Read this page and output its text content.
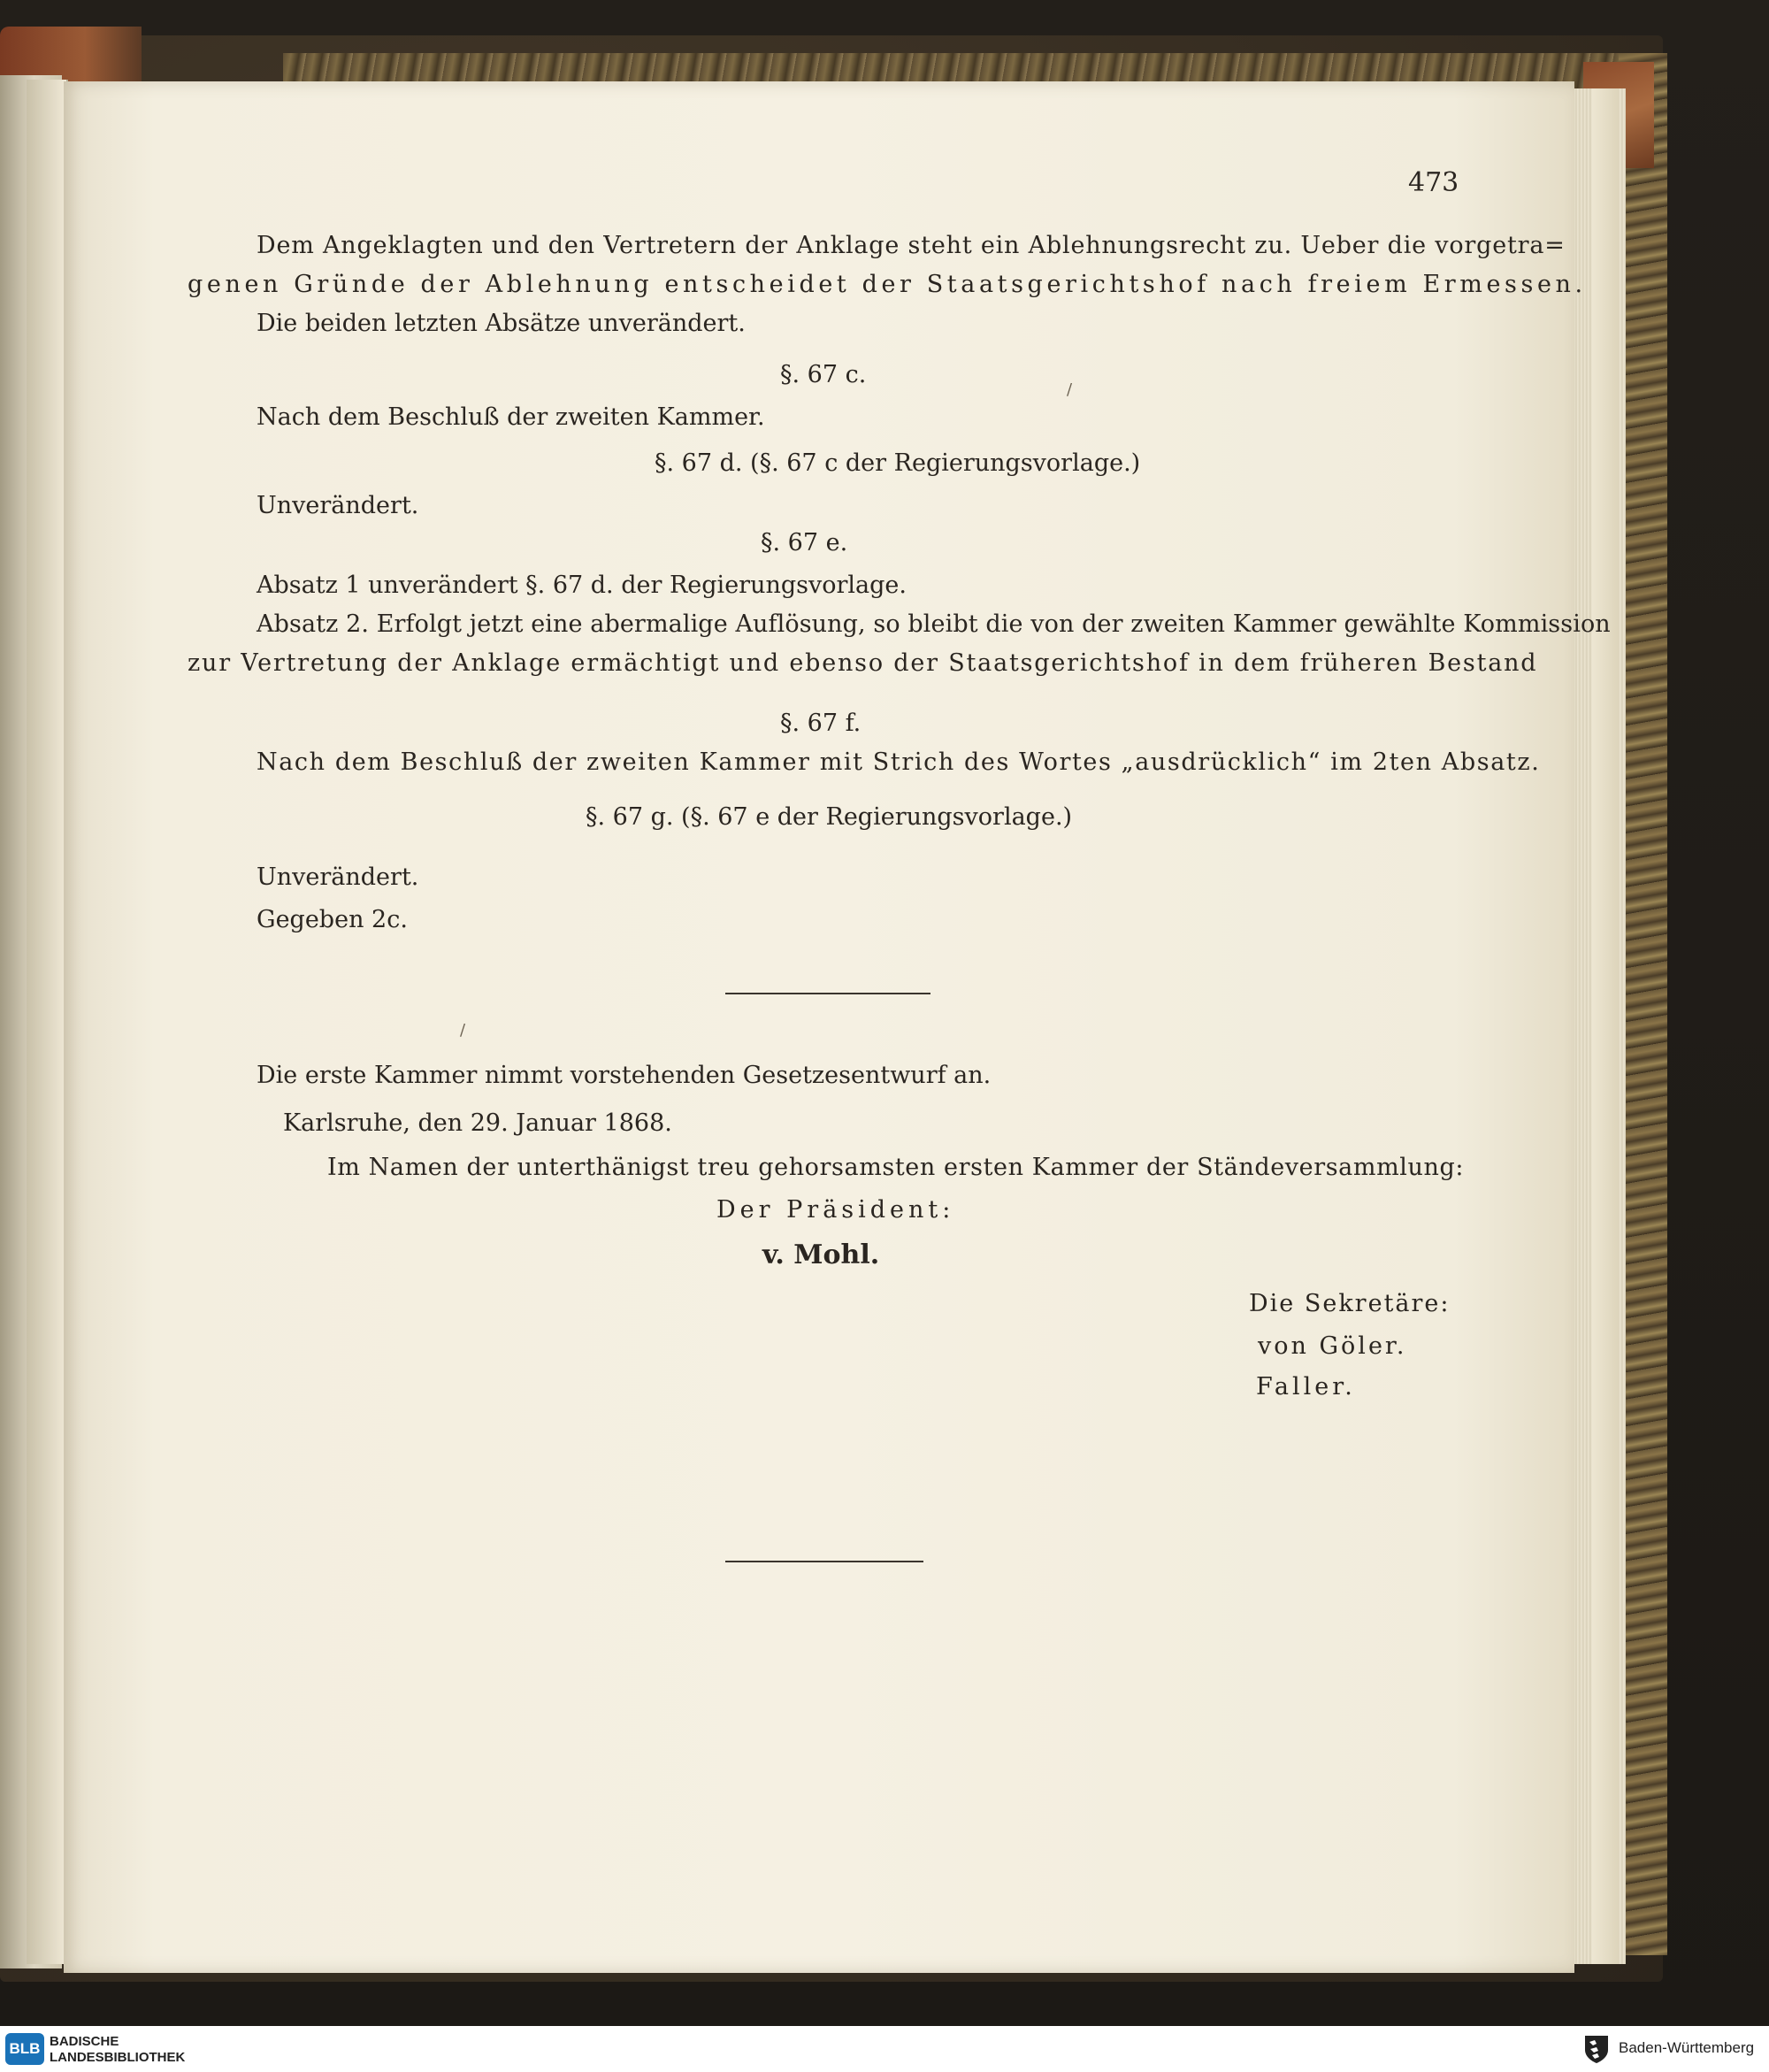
473
Dem Angeklagten und den Vertretern der Anklage steht ein Ablehnungsrecht zu. Ueber die vorgetra=
genen Gründe der Ablehnung entscheidet der Staatsgerichtshof nach freiem Ermessen.
Die beiden letzten Absätze unverändert.
§. 67 c.
Nach dem Beschluß der zweiten Kammer.
§. 67 d. (§. 67 c der Regierungsvorlage.)
Unverändert.
§. 67 e.
Absatz 1 unverändert §. 67 d. der Regierungsvorlage.
Absatz 2. Erfolgt jetzt eine abermalige Auflösung, so bleibt die von der zweiten Kammer gewählte Kommission
zur Vertretung der Anklage ermächtigt und ebenso der Staatsgerichtshof in dem früheren Bestand
§. 67 f.
Nach dem Beschluß der zweiten Kammer mit Strich des Wortes „ausdrücklich“ im 2ten Absatz.
§. 67 g. (§. 67 e der Regierungsvorlage.)
Unverändert.
Gegeben 2c.
/
/
Die erste Kammer nimmt vorstehenden Gesetzesentwurf an.
Karlsruhe, den 29. Januar 1868.
Im Namen der unterthänigst treu gehorsamsten ersten Kammer der Ständeversammlung:
Der Präsident:
v. Mohl.
Die Sekretäre:
von Göler.
Faller.
BLB BADISCHE
LANDESBIBLIOTHEK
Baden-Württemberg
